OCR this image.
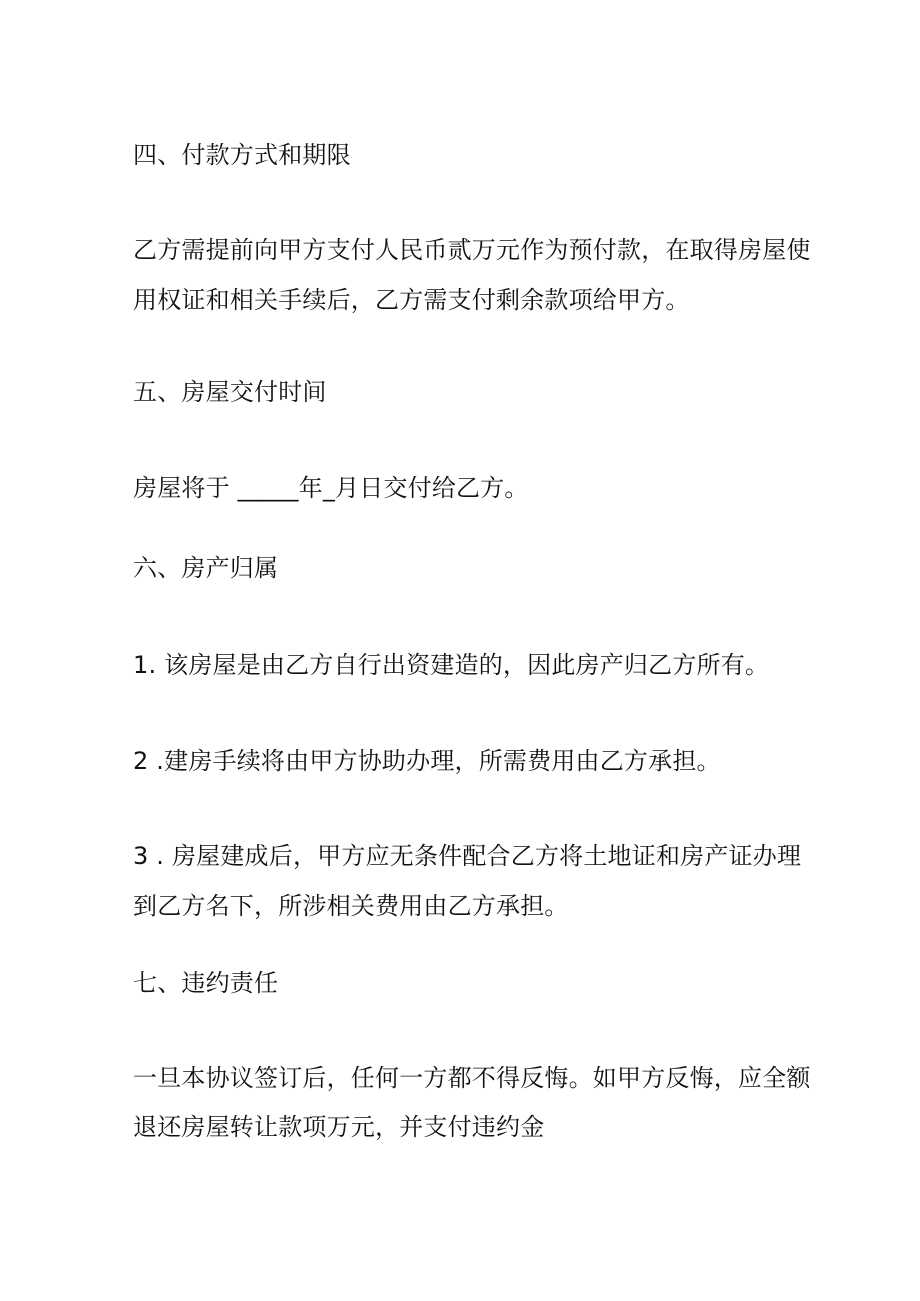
四、付款方式和期限

乙方需提前向甲方支付人民币贰万元作为预付款，在取得房屋使

用权证和相关手续后，乙方需支付剩余款项给甲方。

五、房屋交付时间

房屋将于 _____年_月日交付给乙方。

六、房产归属

1. 该房屋是由乙方自行出资建造的，因此房产归乙方所有。

2 .建房手续将由甲方协助办理，所需费用由乙方承担。

3 . 房屋建成后，甲方应无条件配合乙方将土地证和房产证办理

到乙方名下，所涉相关费用由乙方承担。

七、违约责任

一旦本协议签订后，任何一方都不得反悔。如甲方反悔，应全额

退还房屋转让款项万元，并支付违约金
